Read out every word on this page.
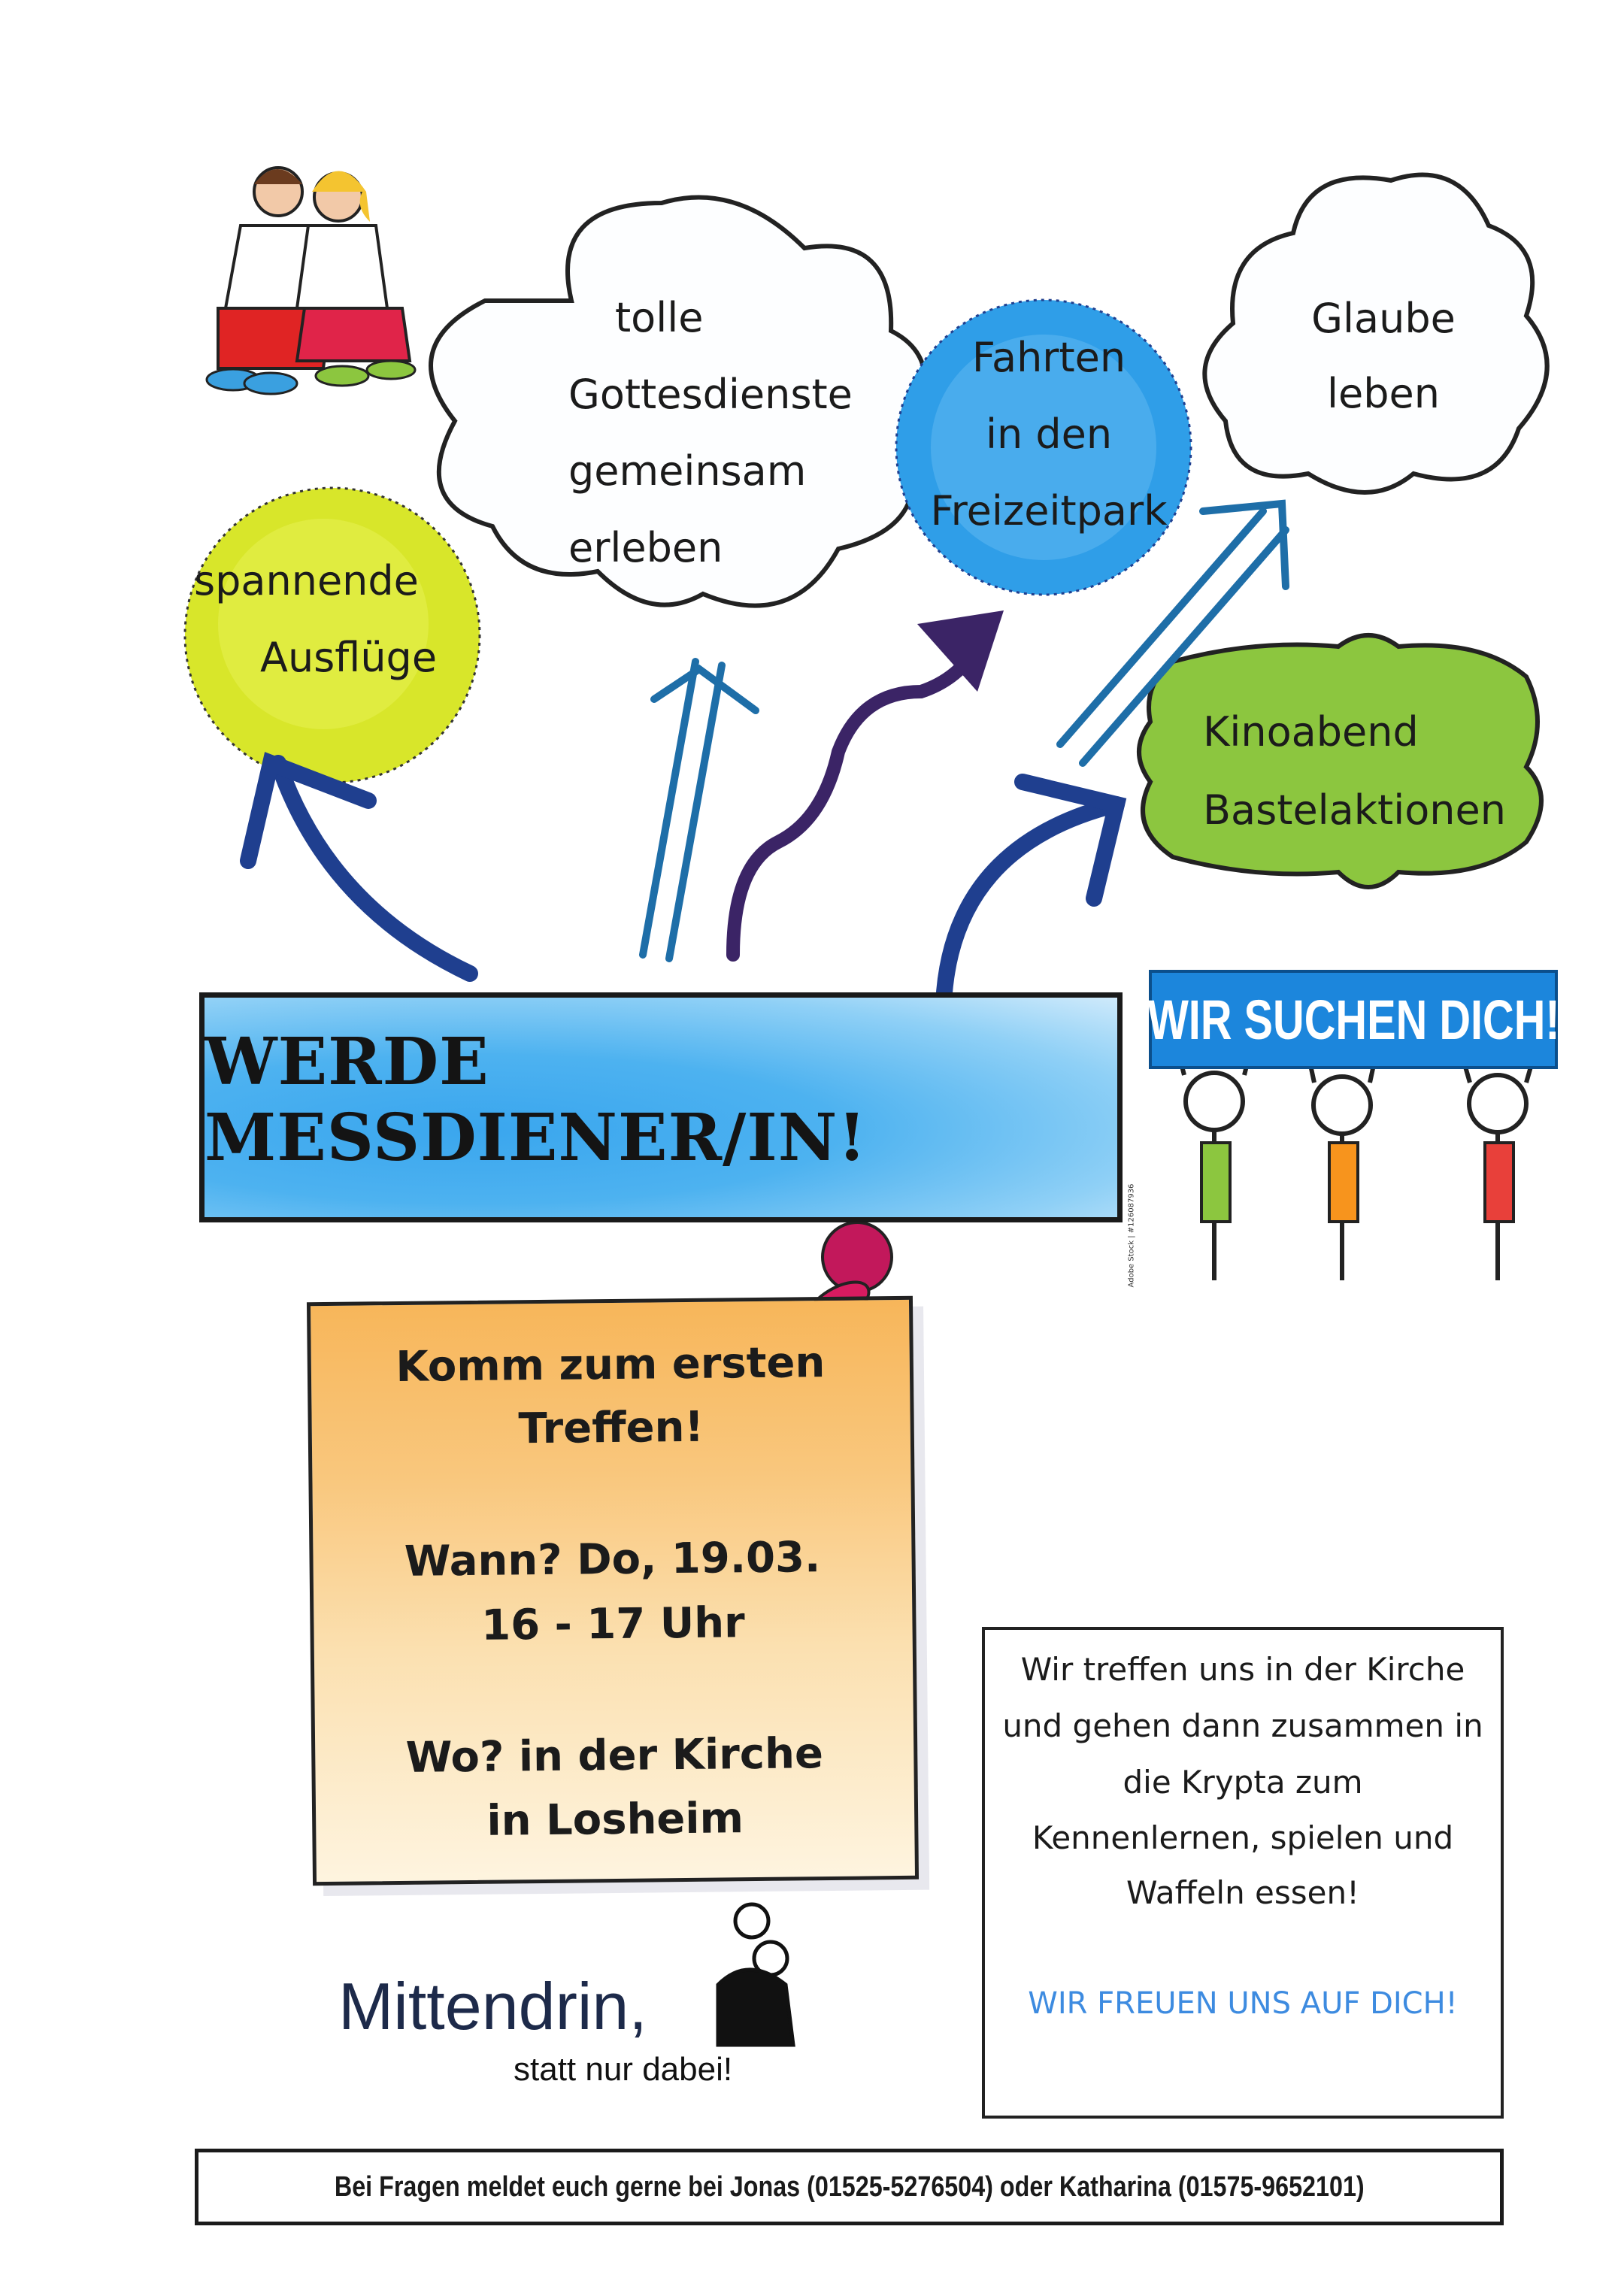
tolle
Gottesdienste
gemeinsam
erleben
Fahrten
in den
Freizeitpark
Glaube
leben
spannende
Ausflüge
Kinoabend
Bastelaktionen
WERDE MESSDIENER/IN!
WIR SUCHEN DICH!
Adobe Stock | #126087936
Komm zum ersten
Treffen!
Wann? Do, 19.03.
16 - 17 Uhr
Wo? in der Kirche
in Losheim
Wir treffen uns in der Kirche
und gehen dann zusammen in
die Krypta zum
Kennenlernen, spielen und
Waffeln essen!
WIR FREUEN UNS AUF DICH!
Mittendrin,
statt nur dabei!
Bei Fragen meldet euch gerne bei Jonas (01525-5276504) oder Katharina (01575-9652101)
